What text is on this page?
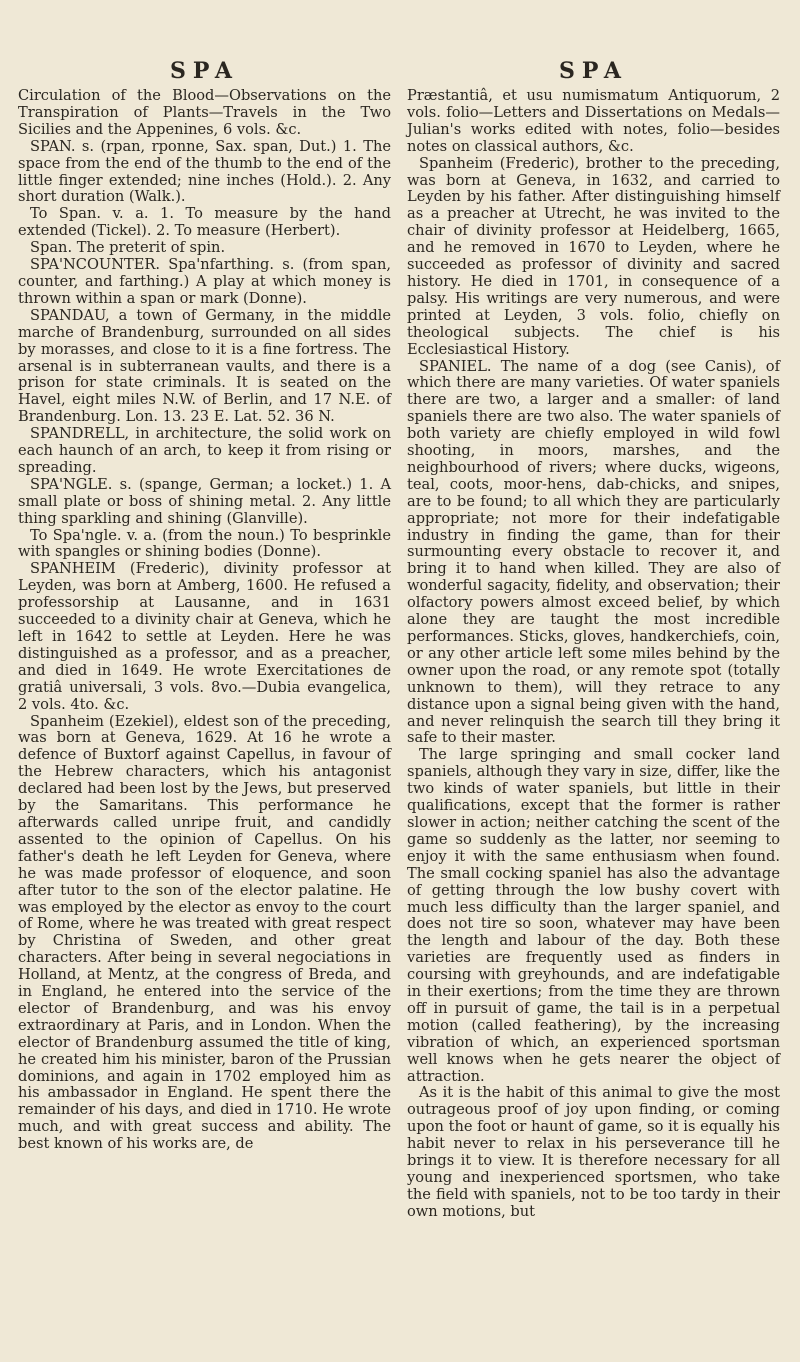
SPA

Circulation of the Blood—Observations on the Transpiration of Plants—Travels in the Two Sicilies and the Appenines, 6 vols. &c.

SPAN. s. (rpan, rponne, Sax. span, Dut.) 1. The space from the end of the thumb to the end of the little finger extended; nine inches (Hold.). 2. Any short duration (Walk.).

To Span. v. a. 1. To measure by the hand extended (Tickel). 2. To measure (Herbert).

Span. The preterit of spin.

SPA'NCOUNTER. Spa'nfarthing. s. (from span, counter, and farthing.) A play at which money is thrown within a span or mark (Donne).

SPANDAU, a town of Germany, in the middle marche of Brandenburg, surrounded on all sides by morasses, and close to it is a fine fortress. The arsenal is in subterranean vaults, and there is a prison for state criminals. It is seated on the Havel, eight miles N.W. of Berlin, and 17 N.E. of Brandenburg. Lon. 13. 23 E. Lat. 52. 36 N.

SPANDRELL, in architecture, the solid work on each haunch of an arch, to keep it from rising or spreading.

SPA'NGLE. s. (spange, German; a locket.) 1. A small plate or boss of shining metal. 2. Any little thing sparkling and shining (Glanville).

To Spa'ngle. v. a. (from the noun.) To besprinkle with spangles or shining bodies (Donne).

SPANHEIM (Frederic), divinity professor at Leyden, was born at Amberg, 1600. He refused a professorship at Lausanne, and in 1631 succeeded to a divinity chair at Geneva, which he left in 1642 to settle at Leyden. Here he was distinguished as a professor, and as a preacher, and died in 1649. He wrote Exercitationes de gratiâ universali, 3 vols. 8vo.—Dubia evangelica, 2 vols. 4to. &c.

Spanheim (Ezekiel), eldest son of the preceding, was born at Geneva, 1629. At 16 he wrote a defence of Buxtorf against Capellus, in favour of the Hebrew characters, which his antagonist declared had been lost by the Jews, but preserved by the Samaritans. This performance he afterwards called unripe fruit, and candidly assented to the opinion of Capellus. On his father's death he left Leyden for Geneva, where he was made professor of eloquence, and soon after tutor to the son of the elector palatine. He was employed by the elector as envoy to the court of Rome, where he was treated with great respect by Christina of Sweden, and other great characters. After being in several negociations in Holland, at Mentz, at the congress of Breda, and in England, he entered into the service of the elector of Brandenburg, and was his envoy extraordinary at Paris, and in London. When the elector of Brandenburg assumed the title of king, he created him his minister, baron of the Prussian dominions, and again in 1702 employed him as his ambassador in England. He spent there the remainder of his days, and died in 1710. He wrote much, and with great success and ability. The best known of his works are, de

SPA

Præstantiâ, et usu numismatum Antiquorum, 2 vols. folio—Letters and Dissertations on Medals—Julian's works edited with notes, folio—besides notes on classical authors, &c.

Spanheim (Frederic), brother to the preceding, was born at Geneva, in 1632, and carried to Leyden by his father. After distinguishing himself as a preacher at Utrecht, he was invited to the chair of divinity professor at Heidelberg, 1665, and he removed in 1670 to Leyden, where he succeeded as professor of divinity and sacred history. He died in 1701, in consequence of a palsy. His writings are very numerous, and were printed at Leyden, 3 vols. folio, chiefly on theological subjects. The chief is his Ecclesiastical History.

SPANIEL. The name of a dog (see Canis), of which there are many varieties. Of water spaniels there are two, a larger and a smaller: of land spaniels there are two also. The water spaniels of both variety are chiefly employed in wild fowl shooting, in moors, marshes, and the neighbourhood of rivers; where ducks, wigeons, teal, coots, moor-hens, dab-chicks, and snipes, are to be found; to all which they are particularly appropriate; not more for their indefatigable industry in finding the game, than for their surmounting every obstacle to recover it, and bring it to hand when killed. They are also of wonderful sagacity, fidelity, and observation; their olfactory powers almost exceed belief, by which alone they are taught the most incredible performances. Sticks, gloves, handkerchiefs, coin, or any other article left some miles behind by the owner upon the road, or any remote spot (totally unknown to them), will they retrace to any distance upon a signal being given with the hand, and never relinquish the search till they bring it safe to their master.

The large springing and small cocker land spaniels, although they vary in size, differ, like the two kinds of water spaniels, but little in their qualifications, except that the former is rather slower in action; neither catching the scent of the game so suddenly as the latter, nor seeming to enjoy it with the same enthusiasm when found. The small cocking spaniel has also the advantage of getting through the low bushy covert with much less difficulty than the larger spaniel, and does not tire so soon, whatever may have been the length and labour of the day. Both these varieties are frequently used as finders in coursing with greyhounds, and are indefatigable in their exertions; from the time they are thrown off in pursuit of game, the tail is in a perpetual motion (called feathering), by the increasing vibration of which, an experienced sportsman well knows when he gets nearer the object of attraction.

As it is the habit of this animal to give the most outrageous proof of joy upon finding, or coming upon the foot or haunt of game, so it is equally his habit never to relax in his perseverance till he brings it to view. It is therefore necessary for all young and inexperienced sportsmen, who take the field with spaniels, not to be too tardy in their own motions, but
